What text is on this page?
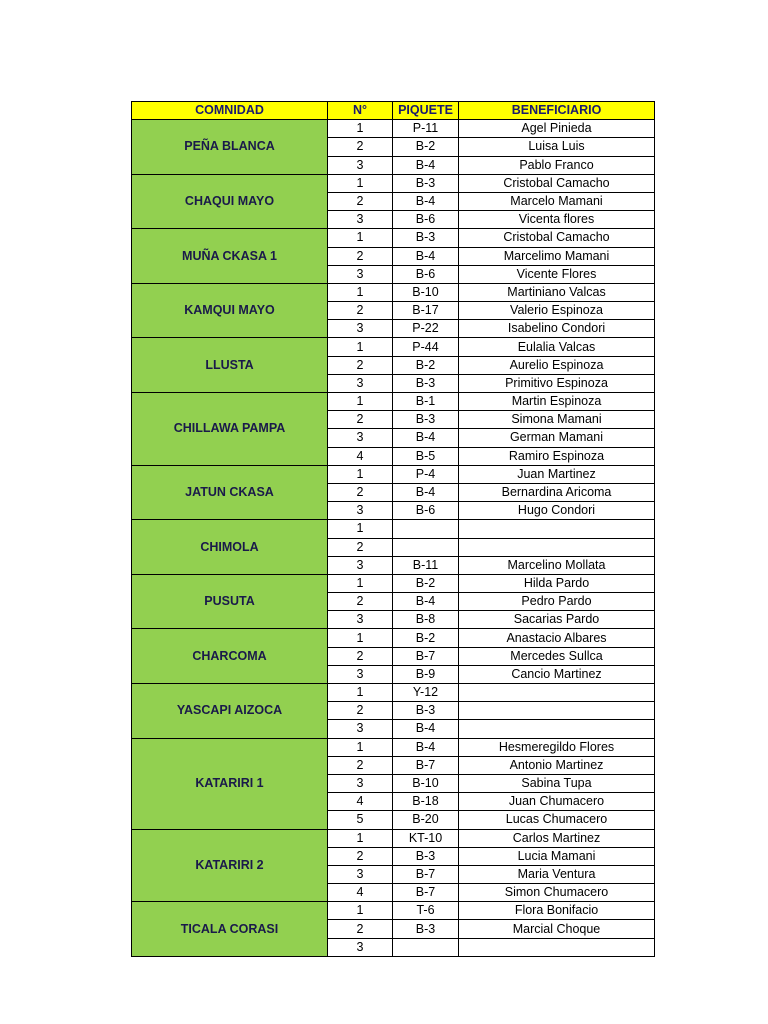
COMNIDAD	N°	PIQUETE	BENEFICIARIO
PEÑA BLANCA	1	P-11	Agel Piniedа
	2	B-2	Luisa Luis
	3	B-4	Pablo Franco
CHAQUI MAYO	1	B-3	Cristobal Camacho
	2	B-4	Marcelo Mamani
	3	B-6	Vicenta flores
MUÑA CKASA 1	1	B-3	Cristobal Camacho
	2	B-4	Marcelimo Mamani
	3	B-6	Vicente Flores
KAMQUI MAYO	1	B-10	Martiniano Valcas
	2	B-17	Valerio Espinoza
	3	P-22	Isabelino Condori
LLUSTA	1	P-44	Eulalia Valcas
	2	B-2	Aurelio Espinoza
	3	B-3	Primitivo Espinoza
CHILLAWA PAMPA	1	B-1	Martin Espinoza
	2	B-3	Simona Mamani
	3	B-4	German Mamani
	4	B-5	Ramiro Espinoza
JATUN CKASA	1	P-4	Juan Martinez
	2	B-4	Bernardina Aricoma
	3	B-6	Hugo Condori
CHIMOLA	1		
	2		
	3	B-11	Marcelino Mollata
PUSUTA	1	B-2	Hilda Pardo
	2	B-4	Pedro Pardo
	3	B-8	Sacarias Pardo
CHARCOMA	1	B-2	Anastacio Albares
	2	B-7	Mercedes Sullca
	3	B-9	Cancio Martinez
YASCAPI AIZOCA	1	Y-12	
	2	B-3	
	3	B-4	
KATARIRI 1	1	B-4	Hesmeregildo Flores
	2	B-7	Antonio Martinez
	3	B-10	Sabina Tupa
	4	B-18	Juan Chumacero
	5	B-20	Lucas Chumacero
KATARIRI 2	1	KT-10	Carlos Martinez
	2	B-3	Lucia Mamani
	3	B-7	Maria Ventura
	4	B-7	Simon Chumacero
TICALA CORASI	1	T-6	Flora Bonifacio
	2	B-3	Marcial Choque
	3		
